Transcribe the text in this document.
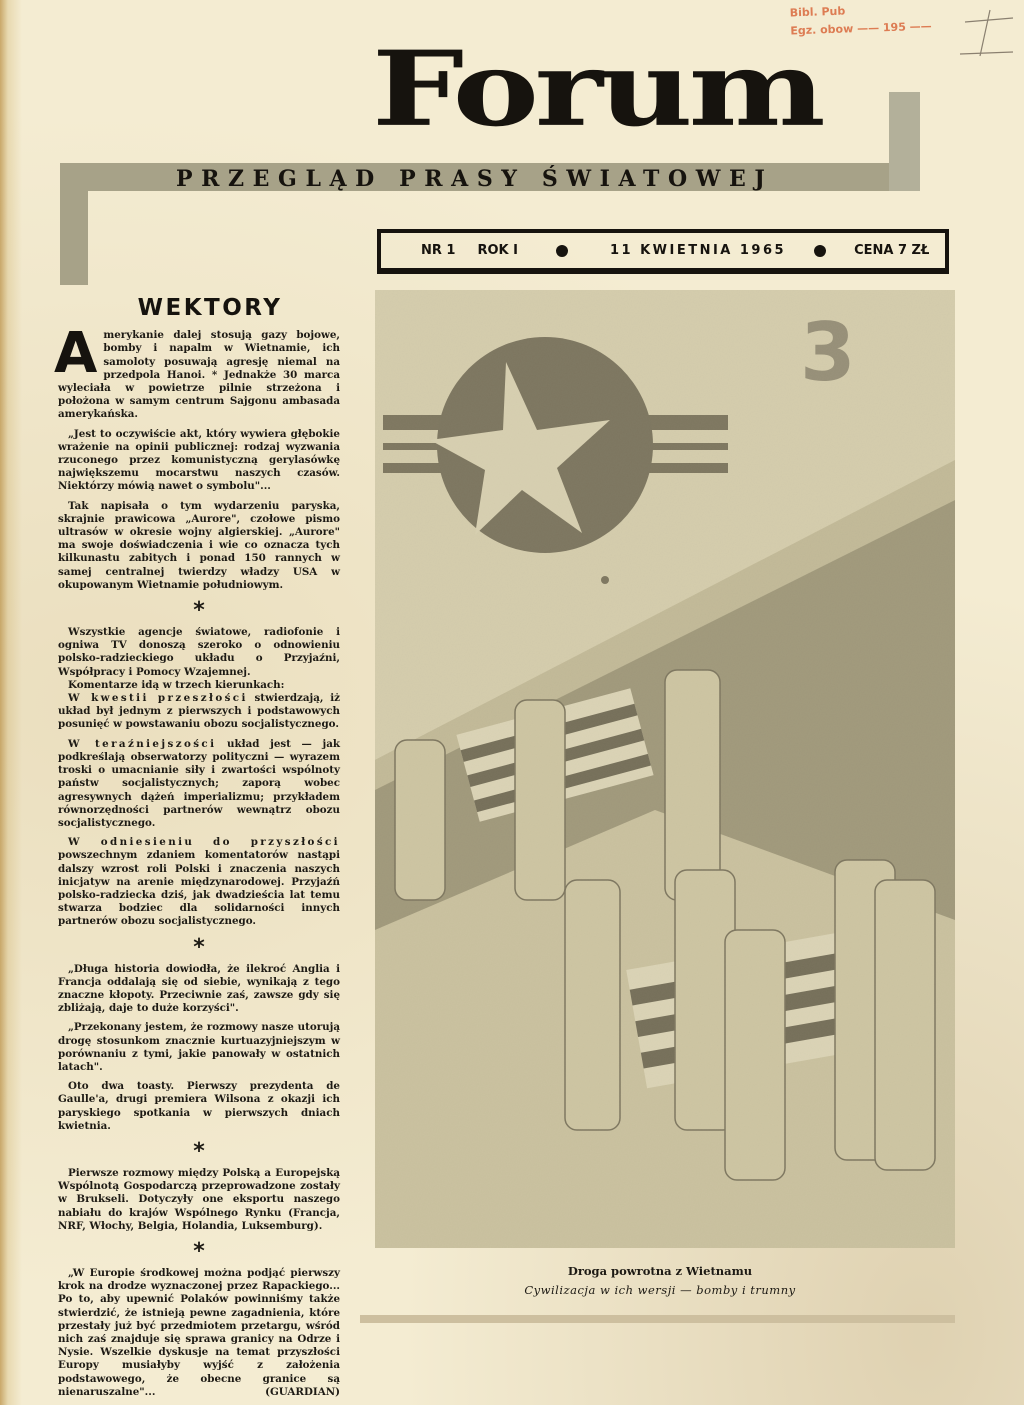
Bibl. Pub
Egz. obow —— 195 ——
Forum
PRZEGLĄD PRASY ŚWIATOWEJ
NR 1 ROK I	11 KWIETNIA 1965	CENA 7 ZŁ
WEKTORY

Amerykanie dalej stosują gazy bojowe, bomby i napalm w Wietnamie, ich samoloty posuwają agresję niemal na przedpola Hanoi. * Jednakże 30 marca wyleciała w powietrze pilnie strzeżona i położona w samym centrum Sajgonu ambasada amerykańska.

„Jest to oczywiście akt, który wywiera głębokie wrażenie na opinii publicznej: rodzaj wyzwania rzuconego przez komunistyczną gerylasówkę największemu mocarstwu naszych czasów. Niektórzy mówią nawet o symbolu"...

Tak napisała o tym wydarzeniu paryska, skrajnie prawicowa „Aurore", czołowe pismo ultrasów w okresie wojny algierskiej. „Aurore" ma swoje doświadczenia i wie co oznacza tych kilkunastu zabitych i ponad 150 rannych w samej centralnej twierdzy władzy USA w okupowanym Wietnamie południowym.

*

Wszystkie agencje światowe, radiofonie i ogniwa TV donoszą szeroko o odnowieniu polsko-radzieckiego układu o Przyjaźni, Współpracy i Pomocy Wzajemnej.

Komentarze idą w trzech kierunkach:

W kwestii przeszłości stwierdzają, iż układ był jednym z pierwszych i podstawowych posunięć w powstawaniu obozu socjalistycznego.

W teraźniejszości układ jest — jak podkreślają obserwatorzy polityczni — wyrazem troski o umacnianie siły i zwartości wspólnoty państw socjalistycznych; zaporą wobec agresywnych dążeń imperializmu; przykładem równorzędności partnerów wewnątrz obozu socjalistycznego.

W odniesieniu do przyszłości powszechnym zdaniem komentatorów nastąpi dalszy wzrost roli Polski i znaczenia naszych inicjatyw na arenie międzynarodowej. Przyjaźń polsko-radziecka dziś, jak dwadzieścia lat temu stwarza bodziec dla solidarności innych partnerów obozu socjalistycznego.

*

„Długa historia dowiodła, że ilekroć Anglia i Francja oddalają się od siebie, wynikają z tego znaczne kłopoty. Przeciwnie zaś, zawsze gdy się zbliżają, daje to duże korzyści".

„Przekonany jestem, że rozmowy nasze utorują drogę stosunkom znacznie kurtuazyjniejszym w porównaniu z tymi, jakie panowały w ostatnich latach".

Oto dwa toasty. Pierwszy prezydenta de Gaulle'a, drugi premiera Wilsona z okazji ich paryskiego spotkania w pierwszych dniach kwietnia.

*

Pierwsze rozmowy między Polską a Europejską Wspólnotą Gospodarczą przeprowadzone zostały w Brukseli. Dotyczyły one eksportu naszego nabiału do krajów Wspólnego Rynku (Francja, NRF, Włochy, Belgia, Holandia, Luksemburg).

*

„W Europie środkowej można podjąć pierwszy krok na drodze wyznaczonej przez Rapackiego... Po to, aby upewnić Polaków powinniśmy także stwierdzić, że istnieją pewne zagadnienia, które przestały już być przedmiotem przetargu, wśród nich zaś znajduje się sprawa granicy na Odrze i Nysie. Wszelkie dyskusje na temat przyszłości Europy musiałyby wyjść z założenia podstawowego, że obecne granice są nienaruszalne"...	(GUARDIAN)

Droga powrotna z Wietnamu
Cywilizacja w ich wersji — bomby i trumny
